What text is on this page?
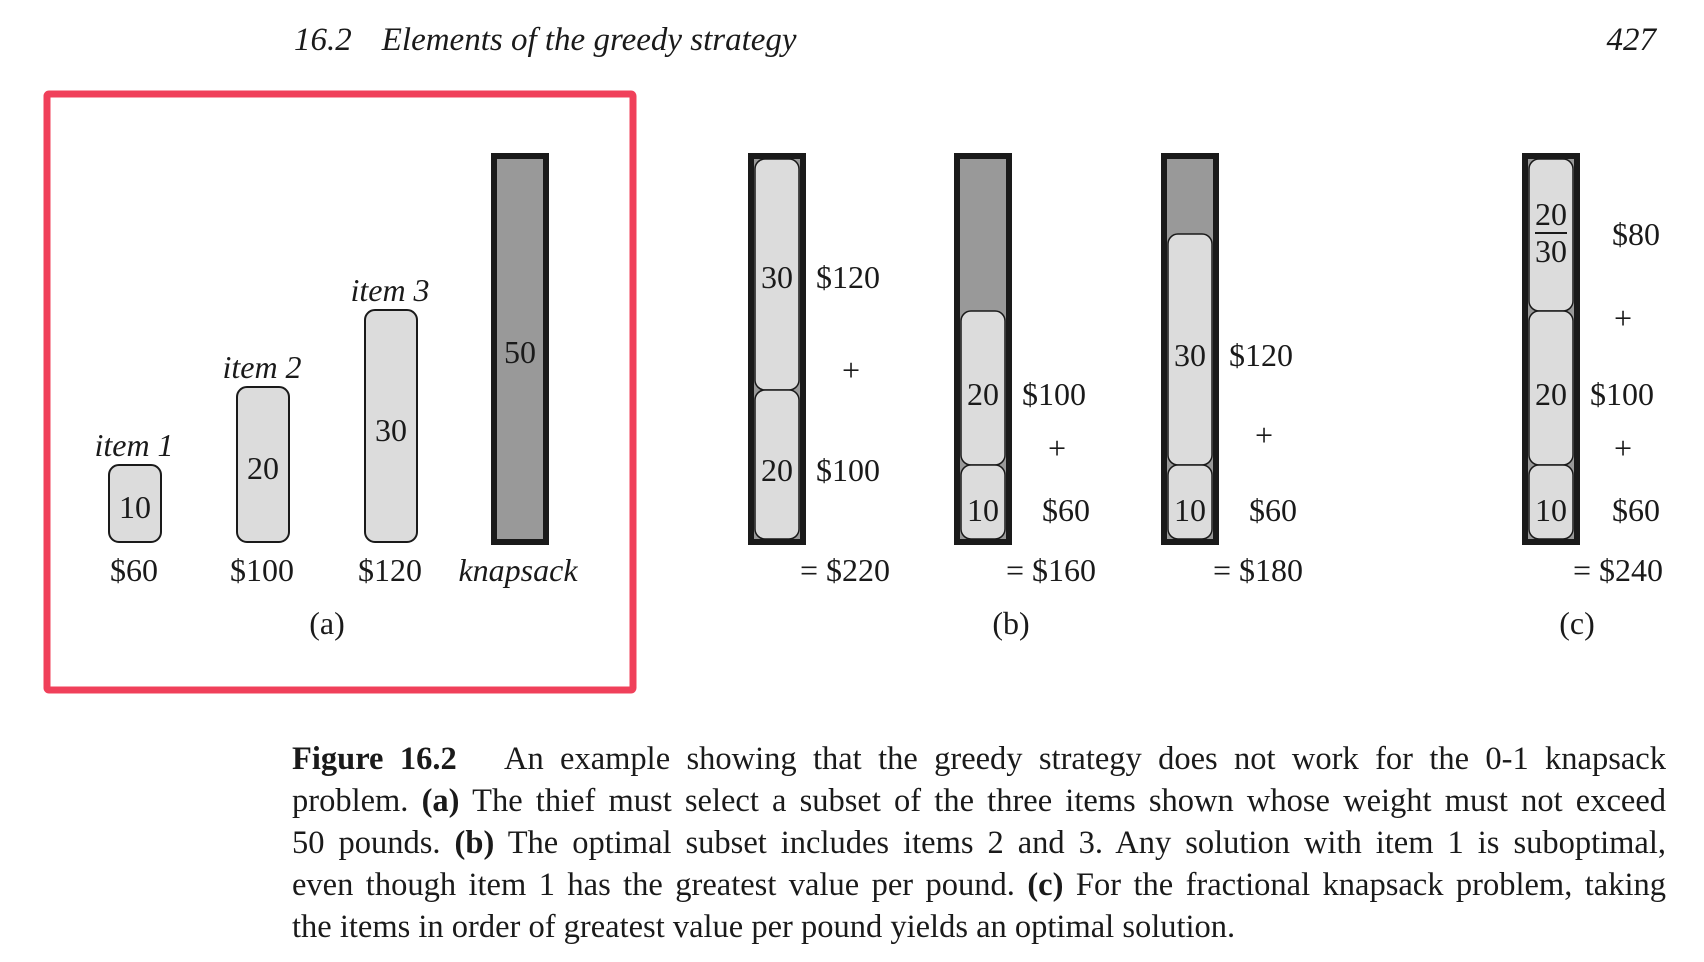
16.2 Elements of the greedy strategy	427
item 1
10
$60
item 2
20
$100
item 3
30
$120
50
knapsack
(a)
30 $120
+
20 $100
= $220
20 $100
+
10 $60
= $160
30 $120
+
10 $60
= $180
(b)
20
30 $80
+
20 $100
+
10 $60
= $240
(c)
Figure 16.2 An example showing that the greedy strategy does not work for the 0-1 knapsack
problem. (a) The thief must select a subset of the three items shown whose weight must not exceed
50 pounds. (b) The optimal subset includes items 2 and 3. Any solution with item 1 is suboptimal,
even though item 1 has the greatest value per pound. (c) For the fractional knapsack problem, taking
the items in order of greatest value per pound yields an optimal solution.
